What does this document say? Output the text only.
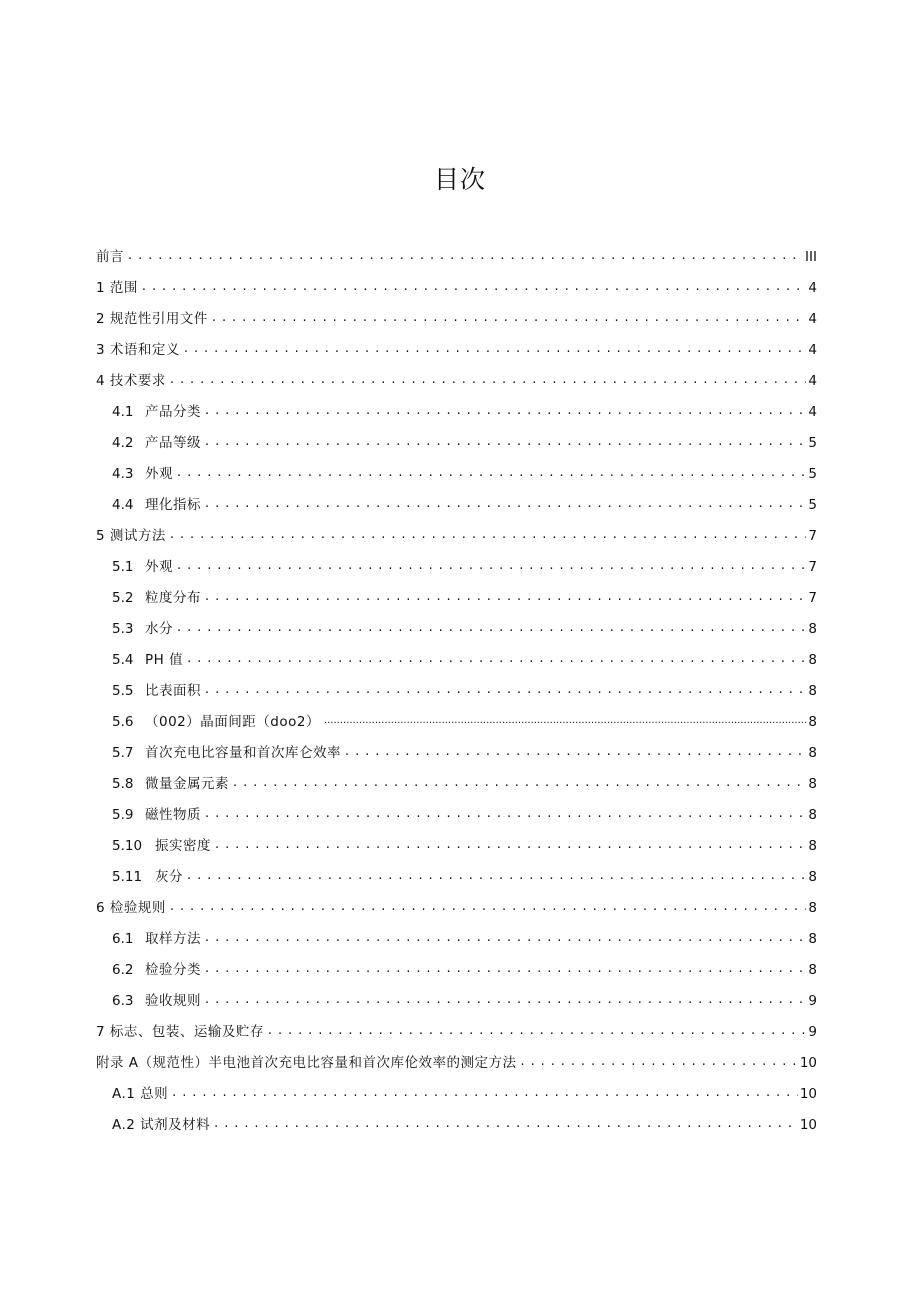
目次
前言 . . .	III
1 范围 . . .	4
2 规范性引用文件 . . .	4
3 术语和定义 . . .	4
4 技术要求 . . .	4
4.1 产品分类 . . .	4
4.2 产品等级 . . .	5
4.3 外观 . . .	5
4.4 理化指标 . . .	5
5 测试方法 . . .	7
5.1 外观 . . .	7
5.2 粒度分布 . . .	7
5.3 水分 . . .	8
5.4 PH 值 . . .	8
5.5 比表面积 . . .	8
5.6 （002）晶面间距（doo2） .....	8
5.7 首次充电比容量和首次库仑效率 . . .	8
5.8 微量金属元素 . . .	8
5.9 磁性物质 . . .	8
5.10 振实密度 . . .	8
5.11 灰分 . . .	8
6 检验规则 . . .	8
6.1 取样方法 . . .	8
6.2 检验分类 . . .	8
6.3 验收规则 . . .	9
7 标志、包装、运输及贮存 . . .	9
附录 A（规范性）半电池首次充电比容量和首次库伦效率的测定方法 . . .	10
A.1 总则 . . .	10
A.2 试剂及材料 . . .	10
